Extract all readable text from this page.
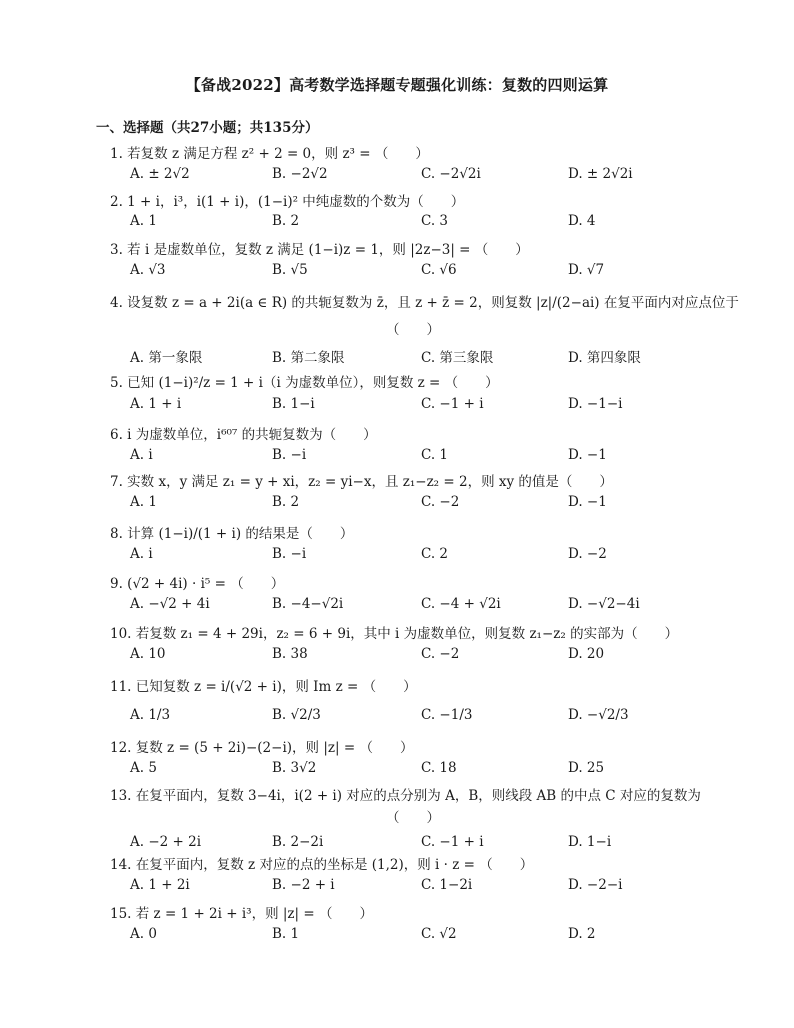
【备战2022】高考数学选择题专题强化训练：复数的四则运算
一、选择题（共27小题；共135分）
1. 若复数 z 满足方程 z² + 2 = 0，则 z³ = （　　）
A. ± 2√2	B. −2√2	C. −2√2i	D. ± 2√2i
2. 1 + i，i³，i(1 + i)，(1−i)² 中纯虚数的个数为（　　）
A. 1	B. 2	C. 3	D. 4
3. 若 i 是虚数单位，复数 z 满足 (1−i)z = 1，则 |2z−3| = （　　）
A. √3	B. √5	C. √6	D. √7
4. 设复数 z = a + 2i(a ∈ R) 的共轭复数为 z̄，且 z + z̄ = 2，则复数 |z|/(2−ai) 在复平面内对应点位于
（　　）
A. 第一象限	B. 第二象限	C. 第三象限	D. 第四象限
5. 已知 (1−i)²/z = 1 + i（i 为虚数单位），则复数 z = （　　）
A. 1 + i	B. 1−i	C. −1 + i	D. −1−i
6. i 为虚数单位，i⁶⁰⁷ 的共轭复数为（　　）
A. i	B. −i	C. 1	D. −1
7. 实数 x，y 满足 z₁ = y + xi，z₂ = yi−x，且 z₁−z₂ = 2，则 xy 的值是（　　）
A. 1	B. 2	C. −2	D. −1
8. 计算 (1−i)/(1 + i) 的结果是（　　）
A. i	B. −i	C. 2	D. −2
9. (√2 + 4i) · i⁵ = （　　）
A. −√2 + 4i	B. −4−√2i	C. −4 + √2i	D. −√2−4i
10. 若复数 z₁ = 4 + 29i，z₂ = 6 + 9i，其中 i 为虚数单位，则复数 z₁−z₂ 的实部为（　　）
A. 10	B. 38	C. −2	D. 20
11. 已知复数 z = i/(√2 + i)，则 Im z = （　　）
A. 1/3	B. √2/3	C. −1/3	D. −√2/3
12. 复数 z = (5 + 2i)−(2−i)，则 |z| = （　　）
A. 5	B. 3√2	C. 18	D. 25
13. 在复平面内，复数 3−4i，i(2 + i) 对应的点分别为 A，B，则线段 AB 的中点 C 对应的复数为
（　　）
A. −2 + 2i	B. 2−2i	C. −1 + i	D. 1−i
14. 在复平面内，复数 z 对应的点的坐标是 (1,2)，则 i · z = （　　）
A. 1 + 2i	B. −2 + i	C. 1−2i	D. −2−i
15. 若 z = 1 + 2i + i³，则 |z| = （　　）
A. 0	B. 1	C. √2	D. 2
